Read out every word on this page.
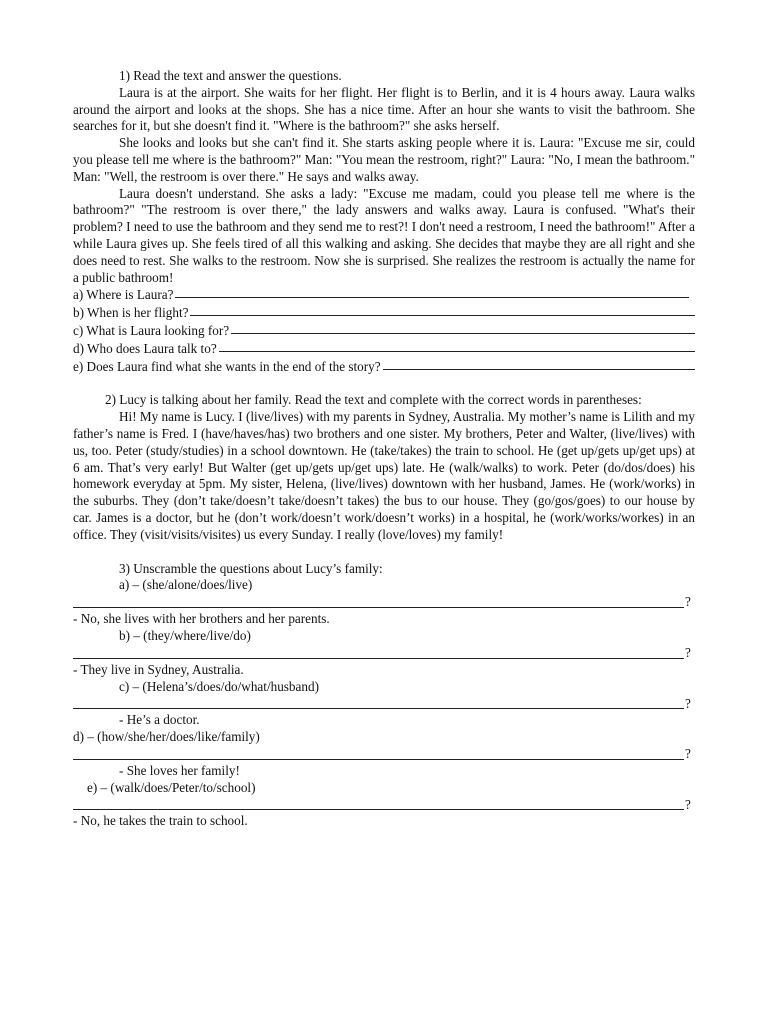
1) Read the text and answer the questions.

Laura is at the airport. She waits for her flight. Her flight is to Berlin, and it is 4 hours away. Laura walks around the airport and looks at the shops. She has a nice time. After an hour she wants to visit the bathroom. She searches for it, but she doesn't find it. "Where is the bathroom?" she asks herself.

She looks and looks but she can't find it. She starts asking people where it is. Laura: "Excuse me sir, could you please tell me where is the bathroom?" Man: "You mean the restroom, right?" Laura: "No, I mean the bathroom." Man: "Well, the restroom is over there." He says and walks away.

Laura doesn't understand. She asks a lady: "Excuse me madam, could you please tell me where is the bathroom?" "The restroom is over there," the lady answers and walks away. Laura is confused. "What's their problem? I need to use the bathroom and they send me to rest?! I don't need a restroom, I need the bathroom!" After a while Laura gives up. She feels tired of all this walking and asking. She decides that maybe they are all right and she does need to rest. She walks to the restroom. Now she is surprised. She realizes the restroom is actually the name for a public bathroom!

a) Where is Laura?
b) When is her flight?
c) What is Laura looking for?
d) Who does Laura talk to?
e) Does Laura find what she wants in the end of the story?

2) Lucy is talking about her family. Read the text and complete with the correct words in parentheses:

Hi! My name is Lucy. I (live/lives) with my parents in Sydney, Australia. My mother’s name is Lilith and my father’s name is Fred. I (have/haves/has) two brothers and one sister. My brothers, Peter and Walter, (live/lives) with us, too. Peter (study/studies) in a school downtown. He (take/takes) the train to school. He (get up/gets up/get ups) at 6 am. That’s very early! But Walter (get up/gets up/get ups) late. He (walk/walks) to work. Peter (do/dos/does) his homework everyday at 5pm. My sister, Helena, (live/lives) downtown with her husband, James. He (work/works) in the suburbs. They (don’t take/doesn’t take/doesn’t takes) the bus to our house. They (go/gos/goes) to our house by car. James is a doctor, but he (don’t work/doesn’t work/doesn’t works) in a hospital, he (work/works/workes) in an office. They (visit/visits/visites) us every Sunday. I really (love/loves) my family!

3) Unscramble the questions about Lucy’s family:

a) – (she/alone/does/live)
?
- No, she lives with her brothers and her parents.
b) – (they/where/live/do)
?
- They live in Sydney, Australia.
c) – (Helena’s/does/do/what/husband)
?
- He’s a doctor.
d) – (how/she/her/does/like/family)
?
- She loves her family!
e) – (walk/does/Peter/to/school)
?
- No, he takes the train to school.
